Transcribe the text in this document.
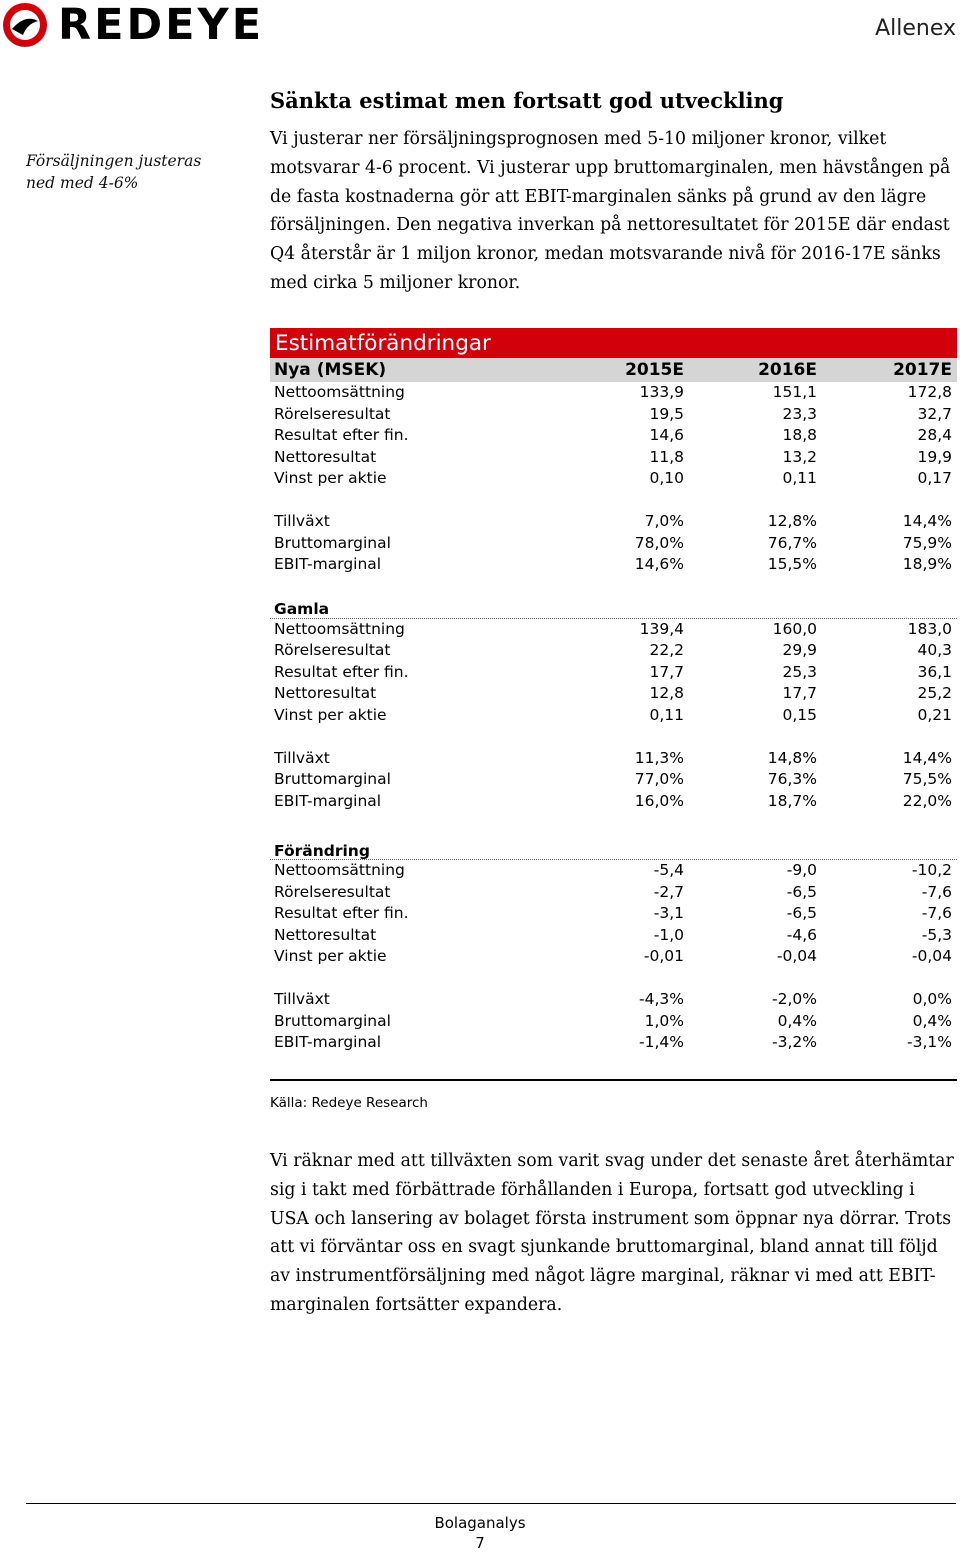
REDEYE	Allenex
Försäljningen justeras ned med 4-6%
Sänkta estimat men fortsatt god utveckling

Vi justerar ner försäljningsprognosen med 5-10 miljoner kronor, vilket motsvarar 4-6 procent. Vi justerar upp bruttomarginalen, men hävstången på de fasta kostnaderna gör att EBIT-marginalen sänks på grund av den lägre försäljningen. Den negativa inverkan på nettoresultatet för 2015E där endast Q4 återstår är 1 miljon kronor, medan motsvarande nivå för 2016-17E sänks med cirka 5 miljoner kronor.

Estimatförändringar
Nya (MSEK)	2015E	2016E	2017E
Nettoomsättning	133,9	151,1	172,8
Rörelseresultat	19,5	23,3	32,7
Resultat efter fin.	14,6	18,8	28,4
Nettoresultat	11,8	13,2	19,9
Vinst per aktie	0,10	0,11	0,17
Tillväxt	7,0%	12,8%	14,4%
Bruttomarginal	78,0%	76,7%	75,9%
EBIT-marginal	14,6%	15,5%	18,9%
Gamla
Nettoomsättning	139,4	160,0	183,0
Rörelseresultat	22,2	29,9	40,3
Resultat efter fin.	17,7	25,3	36,1
Nettoresultat	12,8	17,7	25,2
Vinst per aktie	0,11	0,15	0,21
Tillväxt	11,3%	14,8%	14,4%
Bruttomarginal	77,0%	76,3%	75,5%
EBIT-marginal	16,0%	18,7%	22,0%
Förändring
Nettoomsättning	-5,4	-9,0	-10,2
Rörelseresultat	-2,7	-6,5	-7,6
Resultat efter fin.	-3,1	-6,5	-7,6
Nettoresultat	-1,0	-4,6	-5,3
Vinst per aktie	-0,01	-0,04	-0,04
Tillväxt	-4,3%	-2,0%	0,0%
Bruttomarginal	1,0%	0,4%	0,4%
EBIT-marginal	-1,4%	-3,2%	-3,1%
Källa: Redeye Research

Vi räknar med att tillväxten som varit svag under det senaste året återhämtar sig i takt med förbättrade förhållanden i Europa, fortsatt god utveckling i USA och lansering av bolaget första instrument som öppnar nya dörrar. Trots att vi förväntar oss en svagt sjunkande bruttomarginal, bland annat till följd av instrumentförsäljning med något lägre marginal, räknar vi med att EBIT-marginalen fortsätter expandera.

Bolaganalys
7
